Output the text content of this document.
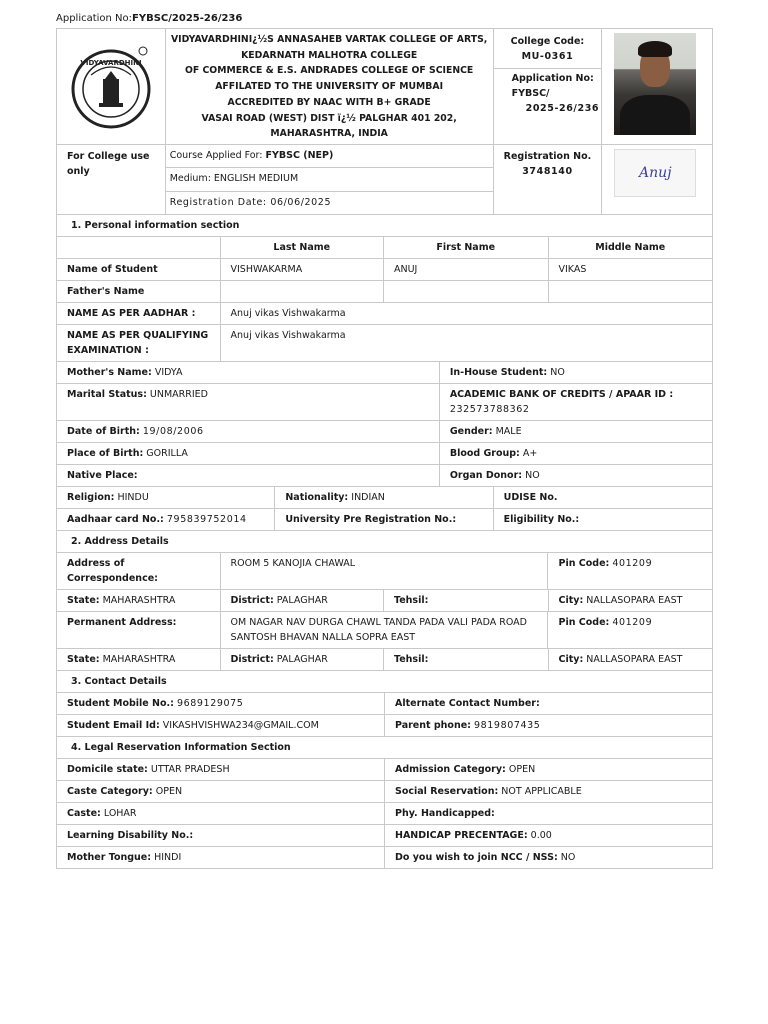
Application No:FYBSC/2025-26/236
VIDYAVARDHINI
VIDYAVARDHINI¿½S ANNASAHEB VARTAK COLLEGE OF ARTS,
KEDARNATH MALHOTRA COLLEGE
OF COMMERCE & E.S. ANDRADES COLLEGE OF SCIENCE
AFFILATED TO THE UNIVERSITY OF MUMBAI
ACCREDITED BY NAAC WITH B+ GRADE
VASAI ROAD (WEST) DIST ï¿½ PALGHAR 401 202,
MAHARASHTRA, INDIA
College Code:
MU-0361
Application No:
FYBSC/
2025-26/236
For College use only
Course Applied For: FYBSC (NEP)
Medium: ENGLISH MEDIUM
Registration Date: 06/06/2025
Registration No.
3748140	Anuj
1. Personal information section
Last Name	First Name	Middle Name
Name of Student	VISHWAKARMA	ANUJ	VIKAS
Father's Name
NAME AS PER AADHAR :	Anuj vikas Vishwakarma
NAME AS PER QUALIFYING EXAMINATION :
Anuj vikas Vishwakarma
Mother's Name: VIDYA	In-House Student: NO
Marital Status: UNMARRIED	ACADEMIC BANK OF CREDITS / APAAR ID :
232573788362
Date of Birth: 19/08/2006	Gender: MALE
Place of Birth: GORILLA	Blood Group: A+
Native Place:	Organ Donor: NO
Religion: HINDU	Nationality: INDIAN	UDISE No.
Aadhaar card No.: 795839752014	University Pre Registration No.:	Eligibility No.:
2. Address Details
Address of Correspondence:
ROOM 5 KANOJIA CHAWAL	Pin Code: 401209
State: MAHARASHTRA	District: PALAGHAR	Tehsil:	City: NALLASOPARA EAST
Permanent Address:	OM NAGAR NAV DURGA CHAWL TANDA PADA VALI PADA ROAD
SANTOSH BHAVAN NALLA SOPRA EAST
Pin Code: 401209
State: MAHARASHTRA	District: PALAGHAR	Tehsil:	City: NALLASOPARA EAST
3. Contact Details
Student Mobile No.: 9689129075	Alternate Contact Number:
Student Email Id: VIKASHVISHWA234@GMAIL.COM	Parent phone: 9819807435
4. Legal Reservation Information Section
Domicile state: UTTAR PRADESH	Admission Category: OPEN
Caste Category: OPEN	Social Reservation: NOT APPLICABLE
Caste: LOHAR	Phy. Handicapped:
Learning Disability No.:	HANDICAP PRECENTAGE: 0.00
Mother Tongue: HINDI	Do you wish to join NCC / NSS: NO
